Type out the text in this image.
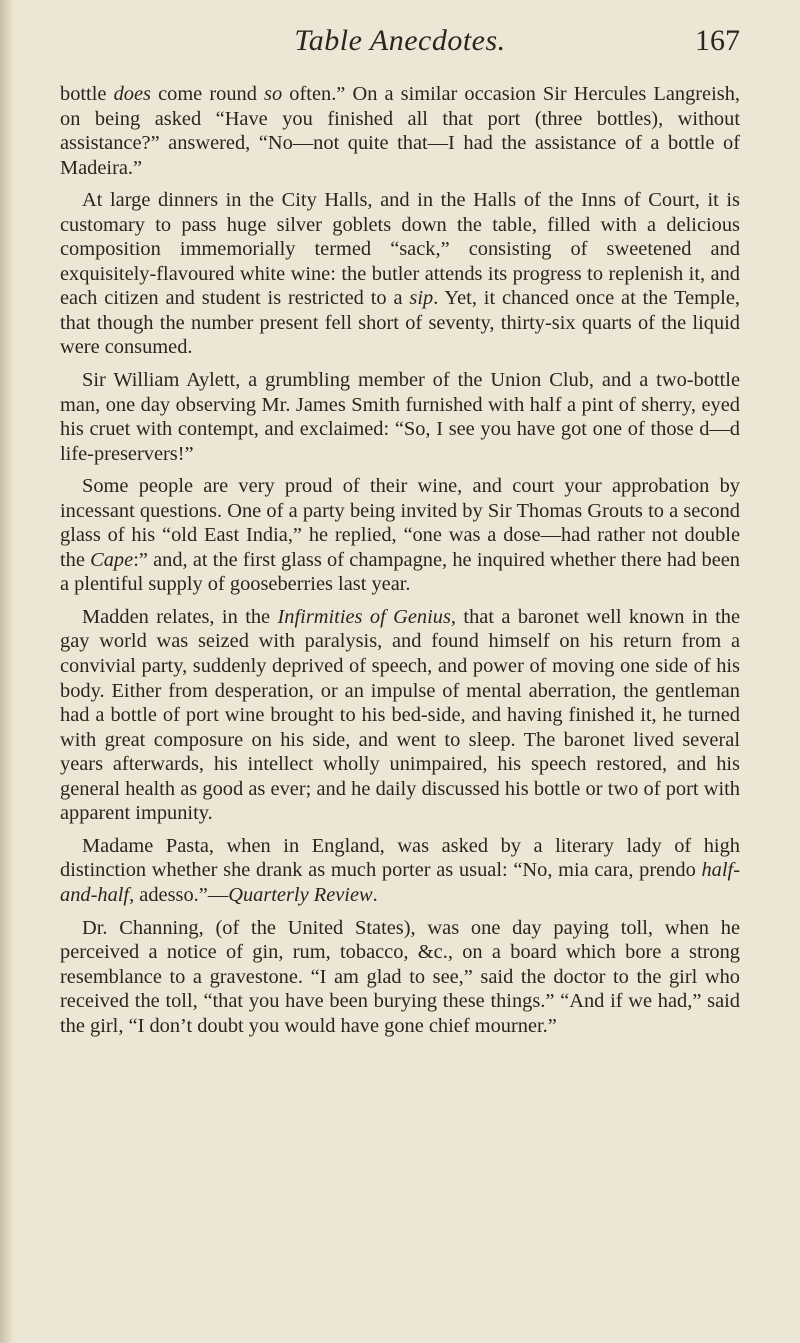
Table Anecdotes.	167

bottle does come round so often.” On a similar occasion Sir Hercules Langreish, on being asked “Have you finished all that port (three bottles), without assistance?” answered, “No—not quite that—I had the assistance of a bottle of Madeira.”

At large dinners in the City Halls, and in the Halls of the Inns of Court, it is customary to pass huge silver goblets down the table, filled with a delicious composition immemorially termed “sack,” consisting of sweetened and exquisitely-flavoured white wine: the butler attends its progress to replenish it, and each citizen and student is restricted to a sip. Yet, it chanced once at the Temple, that though the number present fell short of seventy, thirty-six quarts of the liquid were consumed.

Sir William Aylett, a grumbling member of the Union Club, and a two-bottle man, one day observing Mr. James Smith furnished with half a pint of sherry, eyed his cruet with contempt, and exclaimed: “So, I see you have got one of those d—d life-preservers!”

Some people are very proud of their wine, and court your approbation by incessant questions. One of a party being invited by Sir Thomas Grouts to a second glass of his “old East India,” he replied, “one was a dose—had rather not double the Cape:” and, at the first glass of champagne, he inquired whether there had been a plentiful supply of gooseberries last year.

Madden relates, in the Infirmities of Genius, that a baronet well known in the gay world was seized with paralysis, and found himself on his return from a convivial party, suddenly deprived of speech, and power of moving one side of his body. Either from desperation, or an impulse of mental aberration, the gentleman had a bottle of port wine brought to his bed-side, and having finished it, he turned with great composure on his side, and went to sleep. The baronet lived several years afterwards, his intellect wholly unimpaired, his speech restored, and his general health as good as ever; and he daily discussed his bottle or two of port with apparent impunity.

Madame Pasta, when in England, was asked by a literary lady of high distinction whether she drank as much porter as usual: “No, mia cara, prendo half-and-half, adesso.”—Quarterly Review.

Dr. Channing, (of the United States), was one day paying toll, when he perceived a notice of gin, rum, tobacco, &c., on a board which bore a strong resemblance to a gravestone. “I am glad to see,” said the doctor to the girl who received the toll, “that you have been burying these things.” “And if we had,” said the girl, “I don’t doubt you would have gone chief mourner.”
